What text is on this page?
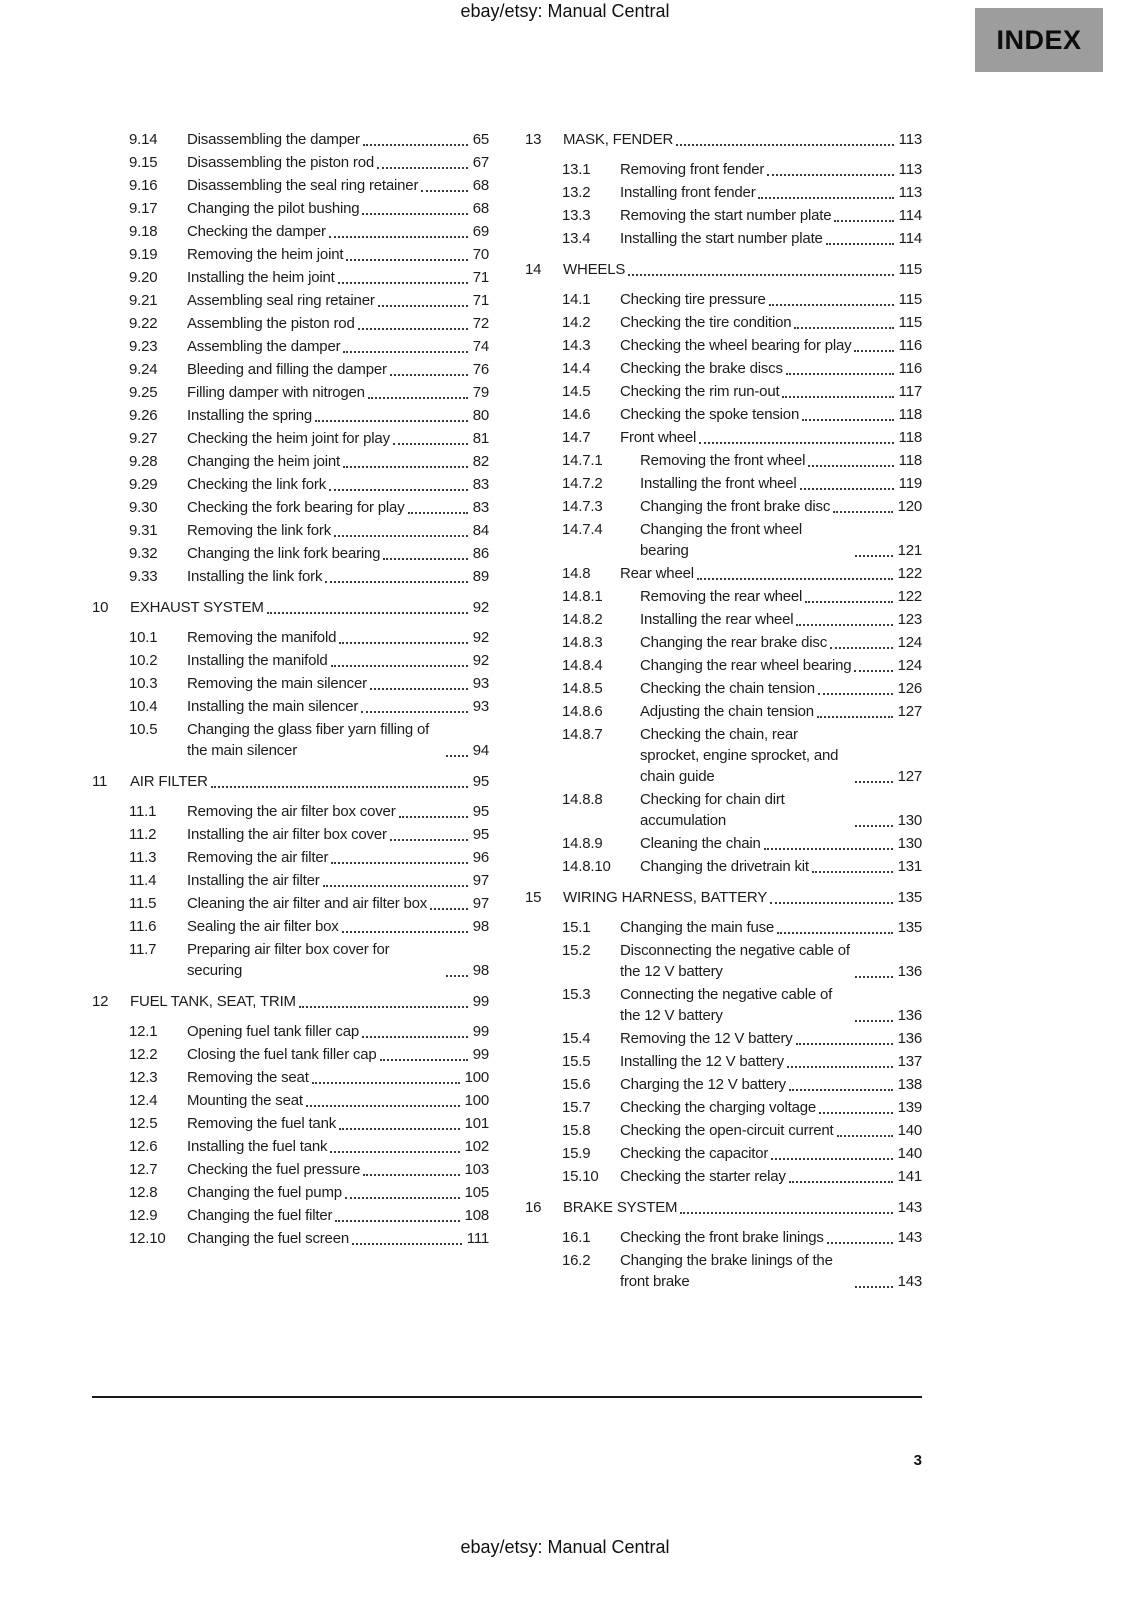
ebay/etsy: Manual Central
INDEX
9.14	Disassembling the damper	65
9.15	Disassembling the piston rod	67
9.16	Disassembling the seal ring retainer	68
9.17	Changing the pilot bushing	68
9.18	Checking the damper	69
9.19	Removing the heim joint	70
9.20	Installing the heim joint	71
9.21	Assembling seal ring retainer	71
9.22	Assembling the piston rod	72
9.23	Assembling the damper	74
9.24	Bleeding and filling the damper	76
9.25	Filling damper with nitrogen	79
9.26	Installing the spring	80
9.27	Checking the heim joint for play	81
9.28	Changing the heim joint	82
9.29	Checking the link fork	83
9.30	Checking the fork bearing for play	83
9.31	Removing the link fork	84
9.32	Changing the link fork bearing	86
9.33	Installing the link fork	89
10	EXHAUST SYSTEM	92
10.1	Removing the manifold	92
10.2	Installing the manifold	92
10.3	Removing the main silencer	93
10.4	Installing the main silencer	93
10.5	Changing the glass fiber yarn filling of the main silencer	94
11	AIR FILTER	95
11.1	Removing the air filter box cover	95
11.2	Installing the air filter box cover	95
11.3	Removing the air filter	96
11.4	Installing the air filter	97
11.5	Cleaning the air filter and air filter box	97
11.6	Sealing the air filter box	98
11.7	Preparing air filter box cover for securing	98
12	FUEL TANK, SEAT, TRIM	99
12.1	Opening fuel tank filler cap	99
12.2	Closing the fuel tank filler cap	99
12.3	Removing the seat	100
12.4	Mounting the seat	100
12.5	Removing the fuel tank	101
12.6	Installing the fuel tank	102
12.7	Checking the fuel pressure	103
12.8	Changing the fuel pump	105
12.9	Changing the fuel filter	108
12.10	Changing the fuel screen	111
13	MASK, FENDER	113
13.1	Removing front fender	113
13.2	Installing front fender	113
13.3	Removing the start number plate	114
13.4	Installing the start number plate	114
14	WHEELS	115
14.1	Checking tire pressure	115
14.2	Checking the tire condition	115
14.3	Checking the wheel bearing for play	116
14.4	Checking the brake discs	116
14.5	Checking the rim run-out	117
14.6	Checking the spoke tension	118
14.7	Front wheel	118
14.7.1	Removing the front wheel	118
14.7.2	Installing the front wheel	119
14.7.3	Changing the front brake disc	120
14.7.4	Changing the front wheel bearing	121
14.8	Rear wheel	122
14.8.1	Removing the rear wheel	122
14.8.2	Installing the rear wheel	123
14.8.3	Changing the rear brake disc	124
14.8.4	Changing the rear wheel bearing	124
14.8.5	Checking the chain tension	126
14.8.6	Adjusting the chain tension	127
14.8.7	Checking the chain, rear sprocket, engine sprocket, and chain guide	127
14.8.8	Checking for chain dirt accumulation	130
14.8.9	Cleaning the chain	130
14.8.10	Changing the drivetrain kit	131
15	WIRING HARNESS, BATTERY	135
15.1	Changing the main fuse	135
15.2	Disconnecting the negative cable of the 12 V battery	136
15.3	Connecting the negative cable of the 12 V battery	136
15.4	Removing the 12 V battery	136
15.5	Installing the 12 V battery	137
15.6	Charging the 12 V battery	138
15.7	Checking the charging voltage	139
15.8	Checking the open-circuit current	140
15.9	Checking the capacitor	140
15.10	Checking the starter relay	141
16	BRAKE SYSTEM	143
16.1	Checking the front brake linings	143
16.2	Changing the brake linings of the front brake	143
3
ebay/etsy: Manual Central
